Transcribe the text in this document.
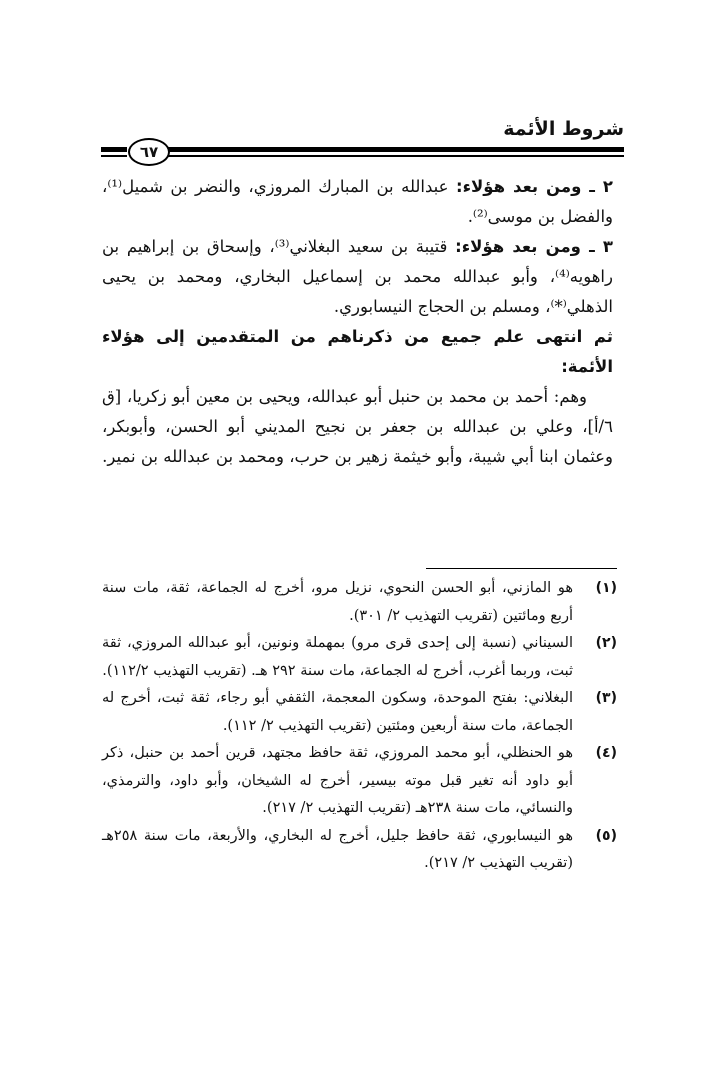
شروط الأئمة
٦٧

٢ ـ ومن بعد هؤلاء: عبدالله بن المبارك المروزي، والنضر بن شميل⁽¹⁾، والفضل بن موسى⁽²⁾.

٣ ـ ومن بعد هؤلاء: قتيبة بن سعيد البغلاني⁽³⁾، وإسحاق بن إبراهيم بن راهويه⁽⁴⁾، وأبو عبدالله محمد بن إسماعيل البخاري، ومحمد بن يحيى الذهلي⁽*⁾، ومسلم بن الحجاج النيسابوري.

ثم انتهى علم جميع من ذكرناهم من المتقدمين إلى هؤلاء الأئمة:

وهم: أحمد بن محمد بن حنبل أبو عبدالله، ويحيى بن معين أبو زكريا، [ق ٦/أ]، وعلي بن عبدالله بن جعفر بن نجيح المديني أبو الحسن، وأبوبكر، وعثمان ابنا أبي شيبة، وأبو خيثمة زهير بن حرب، ومحمد بن عبدالله بن نمير.

(١)
هو المازني، أبو الحسن النحوي، نزيل مرو، أخرج له الجماعة، ثقة، مات سنة أربع ومائتين (تقريب التهذيب ٢/ ٣٠١).
(٢)
السيناني (نسبة إلى إحدى قرى مرو) بمهملة ونونين، أبو عبدالله المروزي، ثقة ثبت، وربما أغرب، أخرج له الجماعة، مات سنة ٢٩٢ هـ. (تقريب التهذيب ١١٢/٢).
(٣)
البغلاني: بفتح الموحدة، وسكون المعجمة، الثقفي أبو رجاء، ثقة ثبت، أخرج له الجماعة، مات سنة أربعين ومئتين (تقريب التهذيب ٢/ ١١٢).
(٤)
هو الحنظلي، أبو محمد المروزي، ثقة حافظ مجتهد، قرين أحمد بن حنبل، ذكر أبو داود أنه تغير قبل موته بيسير، أخرج له الشيخان، وأبو داود، والترمذي، والنسائي، مات سنة ٢٣٨هـ (تقريب التهذيب ٢/ ٢١٧).
(٥)
هو النيسابوري، ثقة حافظ جليل، أخرج له البخاري، والأربعة، مات سنة ٢٥٨هـ (تقريب التهذيب ٢/ ٢١٧).
